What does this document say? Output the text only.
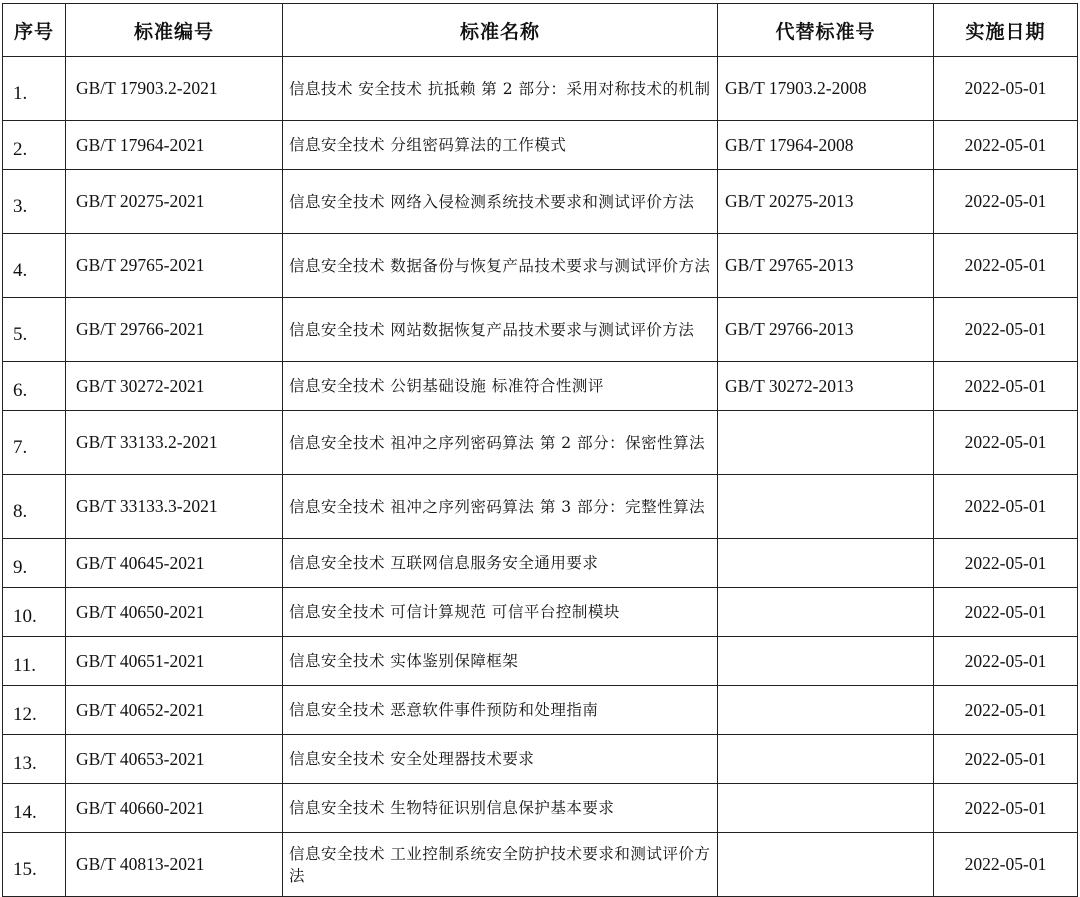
序号	标准编号	标准名称	代替标准号	实施日期
1.	GB/T 17903.2-2021	信息技术 安全技术 抗抵赖 第 2 部分：采用对称技术的机制	GB/T 17903.2-2008	2022-05-01
2.	GB/T 17964-2021	信息安全技术 分组密码算法的工作模式	GB/T 17964-2008	2022-05-01
3.	GB/T 20275-2021	信息安全技术 网络入侵检测系统技术要求和测试评价方法	GB/T 20275-2013	2022-05-01
4.	GB/T 29765-2021	信息安全技术 数据备份与恢复产品技术要求与测试评价方法	GB/T 29765-2013	2022-05-01
5.	GB/T 29766-2021	信息安全技术 网站数据恢复产品技术要求与测试评价方法	GB/T 29766-2013	2022-05-01
6.	GB/T 30272-2021	信息安全技术 公钥基础设施 标准符合性测评	GB/T 30272-2013	2022-05-01
7.	GB/T 33133.2-2021	信息安全技术 祖冲之序列密码算法 第 2 部分：保密性算法		2022-05-01
8.	GB/T 33133.3-2021	信息安全技术 祖冲之序列密码算法 第 3 部分：完整性算法		2022-05-01
9.	GB/T 40645-2021	信息安全技术 互联网信息服务安全通用要求		2022-05-01
10.	GB/T 40650-2021	信息安全技术 可信计算规范 可信平台控制模块		2022-05-01
11.	GB/T 40651-2021	信息安全技术 实体鉴别保障框架		2022-05-01
12.	GB/T 40652-2021	信息安全技术 恶意软件事件预防和处理指南		2022-05-01
13.	GB/T 40653-2021	信息安全技术 安全处理器技术要求		2022-05-01
14.	GB/T 40660-2021	信息安全技术 生物特征识别信息保护基本要求		2022-05-01
15.	GB/T 40813-2021	信息安全技术 工业控制系统安全防护技术要求和测试评价方法		2022-05-01
